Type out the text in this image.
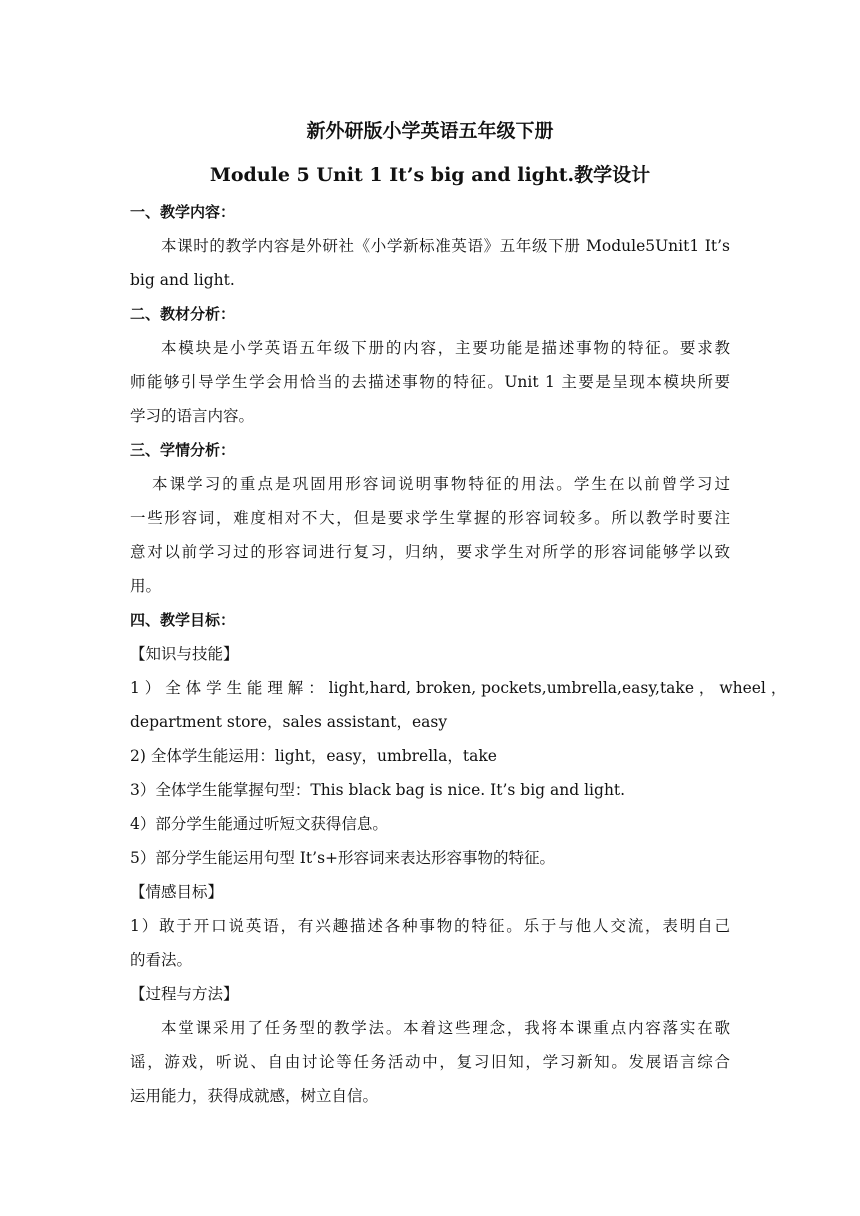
新外研版小学英语五年级下册
Module 5 Unit 1 It’s big and light.教学设计

一、教学内容：

本课时的教学内容是外研社《小学新标准英语》五年级下册 Module5Unit1 It’s

big and light.

二、教材分析：

本模块是小学英语五年级下册的内容，主要功能是描述事物的特征。要求教

师能够引导学生学会用恰当的去描述事物的特征。Unit 1 主要是呈现本模块所要

学习的语言内容。

三、学情分析：

本课学习的重点是巩固用形容词说明事物特征的用法。学生在以前曾学习过

一些形容词，难度相对不大，但是要求学生掌握的形容词较多。所以教学时要注

意对以前学习过的形容词进行复习，归纳，要求学生对所学的形容词能够学以致

用。

四、教学目标：

【知识与技能】

1 ） 全 体 学 生 能 理 解 ： light,hard, broken, pockets,umbrella,easy,take ， wheel ，

department store，sales assistant，easy

2) 全体学生能运用：light，easy，umbrella，take

3）全体学生能掌握句型：This black bag is nice. It’s big and light.

4）部分学生能通过听短文获得信息。

5）部分学生能运用句型 It’s+形容词来表达形容事物的特征。

【情感目标】

1）敢于开口说英语，有兴趣描述各种事物的特征。乐于与他人交流，表明自己

的看法。

【过程与方法】

本堂课采用了任务型的教学法。本着这些理念，我将本课重点内容落实在歌

谣，游戏，听说、自由讨论等任务活动中，复习旧知，学习新知。发展语言综合

运用能力，获得成就感，树立自信。
